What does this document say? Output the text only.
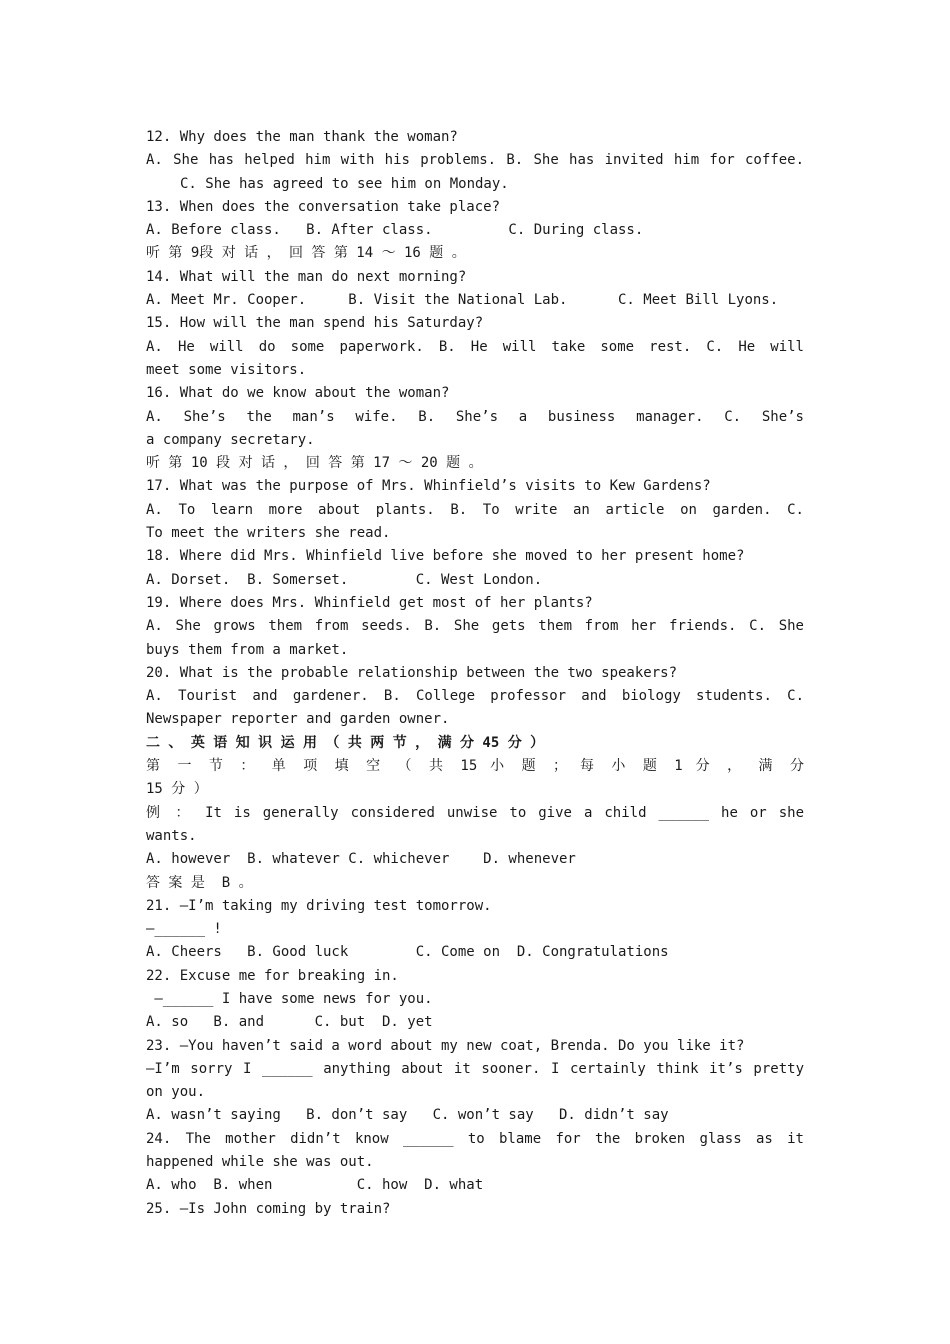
12. Why does the man thank the woman?
A. She has helped him with his problems. B. She has invited him for coffee.
C. She has agreed to see him on Monday.
13. When does the conversation take place?
A. Before class.   B. After class.         C. During class.
听 第 9段 对 话 ， 回 答 第 14 ～ 16 题 。
14. What will the man do next morning?
A. Meet Mr. Cooper.     B. Visit the National Lab.      C. Meet Bill Lyons.
15. How will the man spend his Saturday?
A. He will do some paperwork. B. He will take some rest. C. He will
meet some visitors.
16. What do we know about the woman?
A. She’s the man’s wife. B. She’s a business manager. C. She’s
a company secretary.
听 第 10 段 对 话 ， 回 答 第 17 ～ 20 题 。
17. What was the purpose of Mrs. Whinfield’s visits to Kew Gardens?
A. To learn more about plants. B. To write an article on garden. C.
To meet the writers she read.
18. Where did Mrs. Whinfield live before she moved to her present home?
A. Dorset.  B. Somerset.        C. West London.
19. Where does Mrs. Whinfield get most of her plants?
A. She grows them from seeds. B. She gets them from her friends. C. She
buys them from a market.
20. What is the probable relationship between the two speakers?
A. Tourist and gardener. B. College professor and biology students. C.
Newspaper reporter and garden owner.
二 、 英 语 知 识 运 用 （ 共 两 节 ， 满 分 45 分 ）
第 一 节 ： 单 项 填 空 （ 共 15 小 题 ； 每 小 题 1 分 ， 满 分
15 分 ）
例 ： It is generally considered unwise to give a child ______ he or she
wants.
A. however  B. whatever C. whichever    D. whenever
答 案 是  B 。
21. —I’m taking my driving test tomorrow.
—______ !
A. Cheers   B. Good luck        C. Come on  D. Congratulations
22. Excuse me for breaking in.
—______ I have some news for you.
A. so   B. and      C. but  D. yet
23. —You haven’t said a word about my new coat, Brenda. Do you like it?
—I’m sorry I ______ anything about it sooner. I certainly think it’s pretty
on you.
A. wasn’t saying   B. don’t say   C. won’t say   D. didn’t say
24. The mother didn’t know ______ to blame for the broken glass as it
happened while she was out.
A. who  B. when          C. how  D. what
25. —Is John coming by train?
